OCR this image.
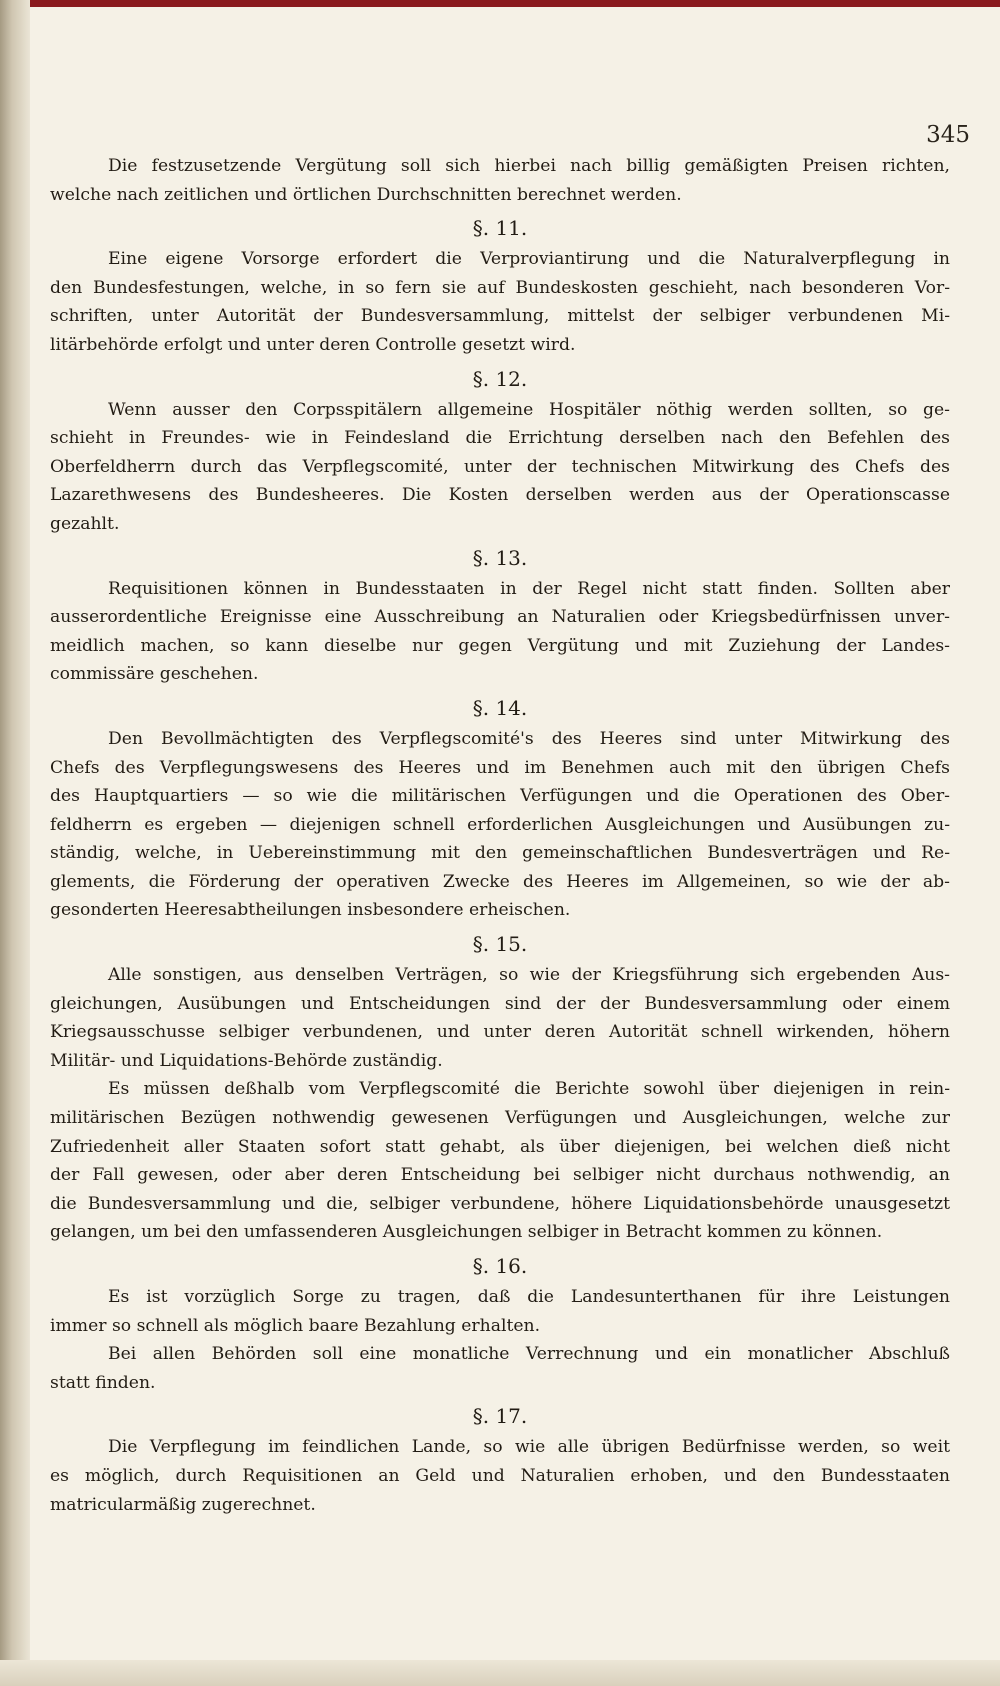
345

Die festzusetzende Vergütung soll sich hierbei nach billig gemäßigten Preisen richten,

welche nach zeitlichen und örtlichen Durchschnitten berechnet werden.

§. 11.

Eine eigene Vorsorge erfordert die Verproviantirung und die Naturalverpflegung in

den Bundesfestungen, welche, in so fern sie auf Bundeskosten geschieht, nach besonderen Vor-

schriften, unter Autorität der Bundesversammlung, mittelst der selbiger verbundenen Mi-

litärbehörde erfolgt und unter deren Controlle gesetzt wird.

§. 12.

Wenn ausser den Corpsspitälern allgemeine Hospitäler nöthig werden sollten, so ge-

schieht in Freundes- wie in Feindesland die Errichtung derselben nach den Befehlen des

Oberfeldherrn durch das Verpflegscomité, unter der technischen Mitwirkung des Chefs des

Lazarethwesens des Bundesheeres. Die Kosten derselben werden aus der Operationscasse

gezahlt.

§. 13.

Requisitionen können in Bundesstaaten in der Regel nicht statt finden. Sollten aber

ausserordentliche Ereignisse eine Ausschreibung an Naturalien oder Kriegsbedürfnissen unver-

meidlich machen, so kann dieselbe nur gegen Vergütung und mit Zuziehung der Landes-

commissäre geschehen.

§. 14.

Den Bevollmächtigten des Verpflegscomité's des Heeres sind unter Mitwirkung des

Chefs des Verpflegungswesens des Heeres und im Benehmen auch mit den übrigen Chefs

des Hauptquartiers — so wie die militärischen Verfügungen und die Operationen des Ober-

feldherrn es ergeben — diejenigen schnell erforderlichen Ausgleichungen und Ausübungen zu-

ständig, welche, in Uebereinstimmung mit den gemeinschaftlichen Bundesverträgen und Re-

glements, die Förderung der operativen Zwecke des Heeres im Allgemeinen, so wie der ab-

gesonderten Heeresabtheilungen insbesondere erheischen.

§. 15.

Alle sonstigen, aus denselben Verträgen, so wie der Kriegsführung sich ergebenden Aus-

gleichungen, Ausübungen und Entscheidungen sind der der Bundesversammlung oder einem

Kriegsausschusse selbiger verbundenen, und unter deren Autorität schnell wirkenden, höhern

Militär- und Liquidations-Behörde zuständig.

Es müssen deßhalb vom Verpflegscomité die Berichte sowohl über diejenigen in rein-

militärischen Bezügen nothwendig gewesenen Verfügungen und Ausgleichungen, welche zur

Zufriedenheit aller Staaten sofort statt gehabt, als über diejenigen, bei welchen dieß nicht

der Fall gewesen, oder aber deren Entscheidung bei selbiger nicht durchaus nothwendig, an

die Bundesversammlung und die, selbiger verbundene, höhere Liquidationsbehörde unausgesetzt

gelangen, um bei den umfassenderen Ausgleichungen selbiger in Betracht kommen zu können.

§. 16.

Es ist vorzüglich Sorge zu tragen, daß die Landesunterthanen für ihre Leistungen

immer so schnell als möglich baare Bezahlung erhalten.

Bei allen Behörden soll eine monatliche Verrechnung und ein monatlicher Abschluß

statt finden.

§. 17.

Die Verpflegung im feindlichen Lande, so wie alle übrigen Bedürfnisse werden, so weit

es möglich, durch Requisitionen an Geld und Naturalien erhoben, und den Bundesstaaten

matricularmäßig zugerechnet.
